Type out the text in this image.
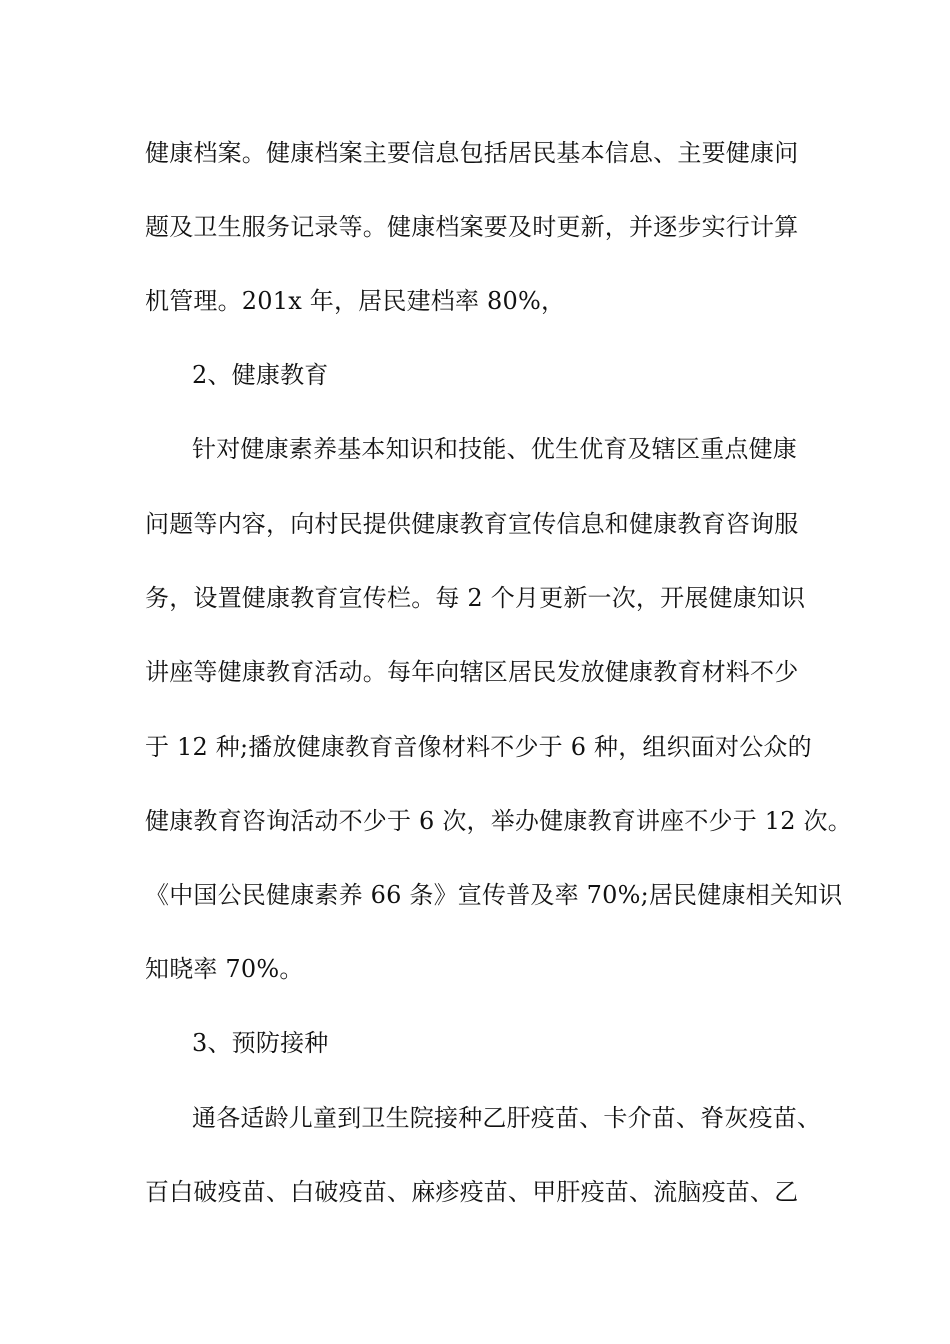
健康档案。健康档案主要信息包括居民基本信息、主要健康问
题及卫生服务记录等。健康档案要及时更新，并逐步实行计算
机管理。201x 年，居民建档率 80%，
2、健康教育
针对健康素养基本知识和技能、优生优育及辖区重点健康
问题等内容，向村民提供健康教育宣传信息和健康教育咨询服
务，设置健康教育宣传栏。每 2 个月更新一次，开展健康知识
讲座等健康教育活动。每年向辖区居民发放健康教育材料不少
于 12 种;播放健康教育音像材料不少于 6 种，组织面对公众的
健康教育咨询活动不少于 6 次，举办健康教育讲座不少于 12 次。
《中国公民健康素养 66 条》宣传普及率 70%;居民健康相关知识
知晓率 70%。
3、预防接种
通各适龄儿童到卫生院接种乙肝疫苗、卡介苗、脊灰疫苗、
百白破疫苗、白破疫苗、麻疹疫苗、甲肝疫苗、流脑疫苗、乙
